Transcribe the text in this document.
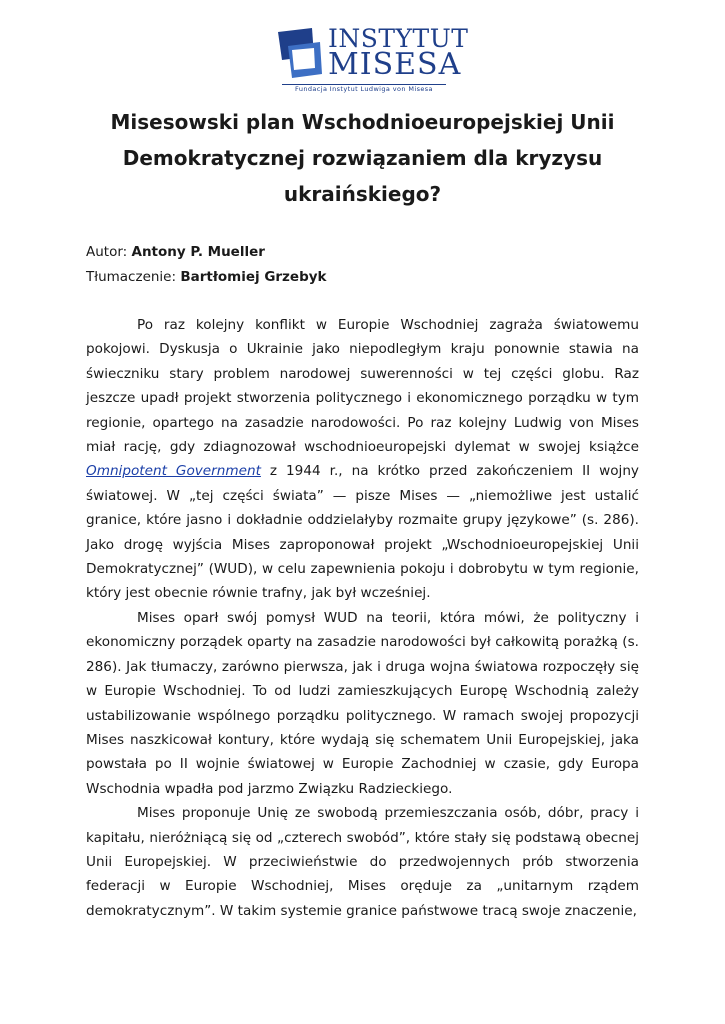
INSTYTUT
MISESA
Fundacja Instytut Ludwiga von Misesa
Misesowski plan Wschodnioeuropejskiej Unii Demokratycznej rozwiązaniem dla kryzysu ukraińskiego?
Autor: Antony P. Mueller
Tłumaczenie: Bartłomiej Grzebyk

Po raz kolejny konflikt w Europie Wschodniej zagraża światowemu pokojowi. Dyskusja o Ukrainie jako niepodległym kraju ponownie stawia na świeczniku stary problem narodowej suwerenności w tej części globu. Raz jeszcze upadł projekt stworzenia politycznego i ekonomicznego porządku w tym regionie, opartego na zasadzie narodowości. Po raz kolejny Ludwig von Mises miał rację, gdy zdiagnozował wschodnioeuropejski dylemat w swojej książce Omnipotent Government z 1944 r., na krótko przed zakończeniem II wojny światowej. W „tej części świata” — pisze Mises — „niemożliwe jest ustalić granice, które jasno i dokładnie oddzielałyby rozmaite grupy językowe” (s. 286). Jako drogę wyjścia Mises zaproponował projekt „Wschodnioeuropejskiej Unii Demokratycznej” (WUD), w celu zapewnienia pokoju i dobrobytu w tym regionie, który jest obecnie równie trafny, jak był wcześniej.

Mises oparł swój pomysł WUD na teorii, która mówi, że polityczny i ekonomiczny porządek oparty na zasadzie narodowości był całkowitą porażką (s. 286). Jak tłumaczy, zarówno pierwsza, jak i druga wojna światowa rozpoczęły się w Europie Wschodniej. To od ludzi zamieszkujących Europę Wschodnią zależy ustabilizowanie wspólnego porządku politycznego. W ramach swojej propozycji Mises naszkicował kontury, które wydają się schematem Unii Europejskiej, jaka powstała po II wojnie światowej w Europie Zachodniej w czasie, gdy Europa Wschodnia wpadła pod jarzmo Związku Radzieckiego.

Mises proponuje Unię ze swobodą przemieszczania osób, dóbr, pracy i kapitału, nieróżniącą się od „czterech swobód”, które stały się podstawą obecnej Unii Europejskiej. W przeciwieństwie do przedwojennych prób stworzenia federacji w Europie Wschodniej, Mises oręduje za „unitarnym rządem demokratycznym”. W takim systemie granice państwowe tracą swoje znaczenie,
